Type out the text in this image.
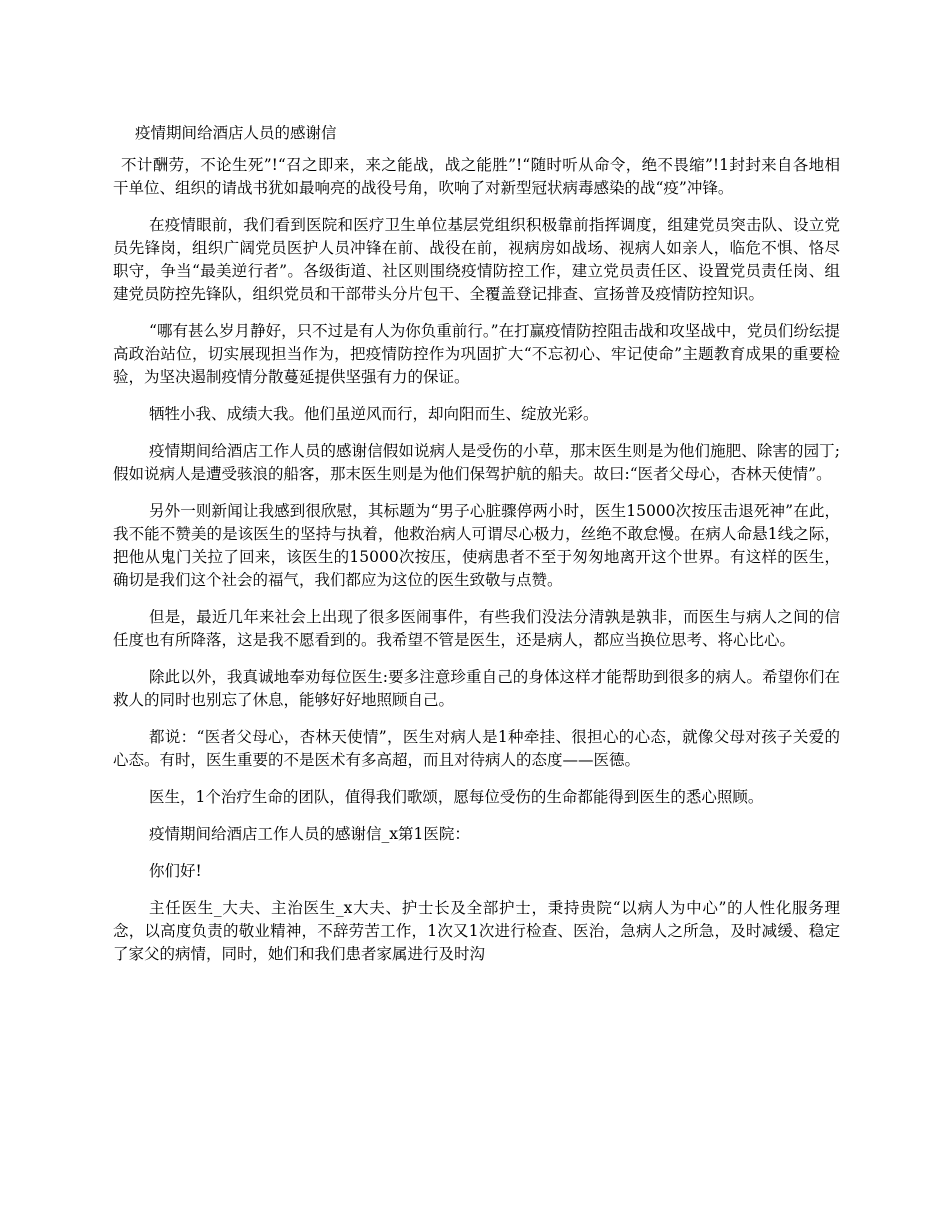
疫情期间给酒店人员的感谢信

不计酬劳，不论生死”!“召之即来，来之能战，战之能胜”!“随时听从命令，绝不畏缩”!1封封来自各地相干单位、组织的请战书犹如最响亮的战役号角，吹响了对新型冠状病毒感染的战“疫”冲锋。

在疫情眼前，我们看到医院和医疗卫生单位基层党组织积极靠前指挥调度，组建党员突击队、设立党员先锋岗，组织广阔党员医护人员冲锋在前、战役在前，视病房如战场、视病人如亲人，临危不惧、恪尽职守，争当“最美逆行者”。各级街道、社区则围绕疫情防控工作，建立党员责任区、设置党员责任岗、组建党员防控先锋队，组织党员和干部带头分片包干、全覆盖登记排查、宣扬普及疫情防控知识。

“哪有甚么岁月静好，只不过是有人为你负重前行。”在打赢疫情防控阻击战和攻坚战中，党员们纷纭提高政治站位，切实展现担当作为，把疫情防控作为巩固扩大“不忘初心、牢记使命”主题教育成果的重要检验，为坚决遏制疫情分散蔓延提供坚强有力的保证。

牺牲小我、成绩大我。他们虽逆风而行，却向阳而生、绽放光彩。

疫情期间给酒店工作人员的感谢信假如说病人是受伤的小草，那末医生则是为他们施肥、除害的园丁;假如说病人是遭受骇浪的船客，那末医生则是为他们保驾护航的船夫。故曰:“医者父母心，杏林天使情”。

另外一则新闻让我感到很欣慰，其标题为“男子心脏骤停两小时，医生15000次按压击退死神”在此，我不能不赞美的是该医生的坚持与执着，他救治病人可谓尽心极力，丝绝不敢怠慢。在病人命悬1线之际，把他从鬼门关拉了回来，该医生的15000次按压，使病患者不至于匆匆地离开这个世界。有这样的医生，确切是我们这个社会的福气，我们都应为这位的医生致敬与点赞。

但是，最近几年来社会上出现了很多医闹事件，有些我们没法分清孰是孰非，而医生与病人之间的信任度也有所降落，这是我不愿看到的。我希望不管是医生，还是病人，都应当换位思考、将心比心。

除此以外，我真诚地奉劝每位医生:要多注意珍重自己的身体这样才能帮助到很多的病人。希望你们在救人的同时也别忘了休息，能够好好地照顾自己。

都说：“医者父母心，杏林天使情”，医生对病人是1种牵挂、很担心的心态，就像父母对孩子关爱的心态。有时，医生重要的不是医术有多高超，而且对待病人的态度——医德。

医生，1个治疗生命的团队，值得我们歌颂，愿每位受伤的生命都能得到医生的悉心照顾。

疫情期间给酒店工作人员的感谢信_x第1医院：

你们好!

主任医生_大夫、主治医生_x大夫、护士长及全部护士，秉持贵院“以病人为中心”的人性化服务理念，以高度负责的敬业精神，不辞劳苦工作，1次又1次进行检查、医治，急病人之所急，及时减缓、稳定了家父的病情，同时，她们和我们患者家属进行及时沟
